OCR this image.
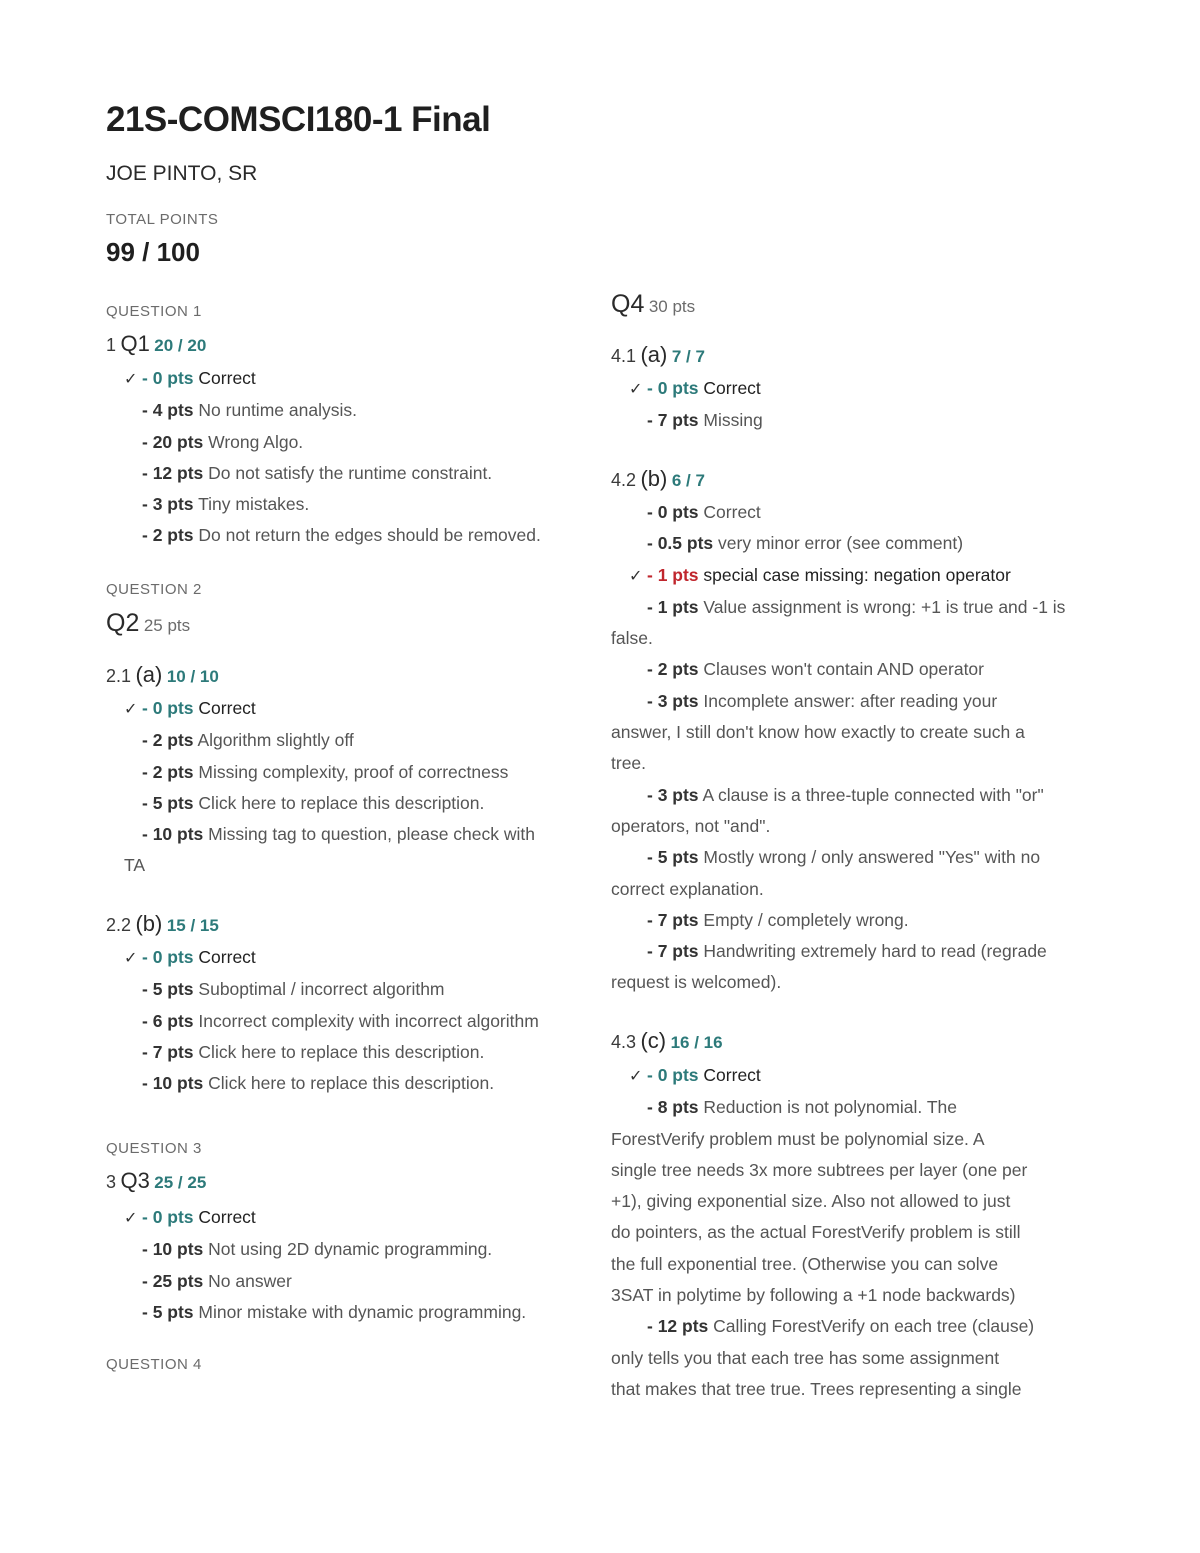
21S-COMSCI180-1 Final
JOE PINTO, SR
TOTAL POINTS
99 / 100
QUESTION 1
1 Q1 20 / 20
✓ - 0 pts Correct
- 4 pts No runtime analysis.
- 20 pts Wrong Algo.
- 12 pts Do not satisfy the runtime constraint.
- 3 pts Tiny mistakes.
- 2 pts Do not return the edges should be removed.
QUESTION 2
Q2 25 pts
2.1 (a) 10 / 10
✓ - 0 pts Correct
- 2 pts Algorithm slightly off
- 2 pts Missing complexity, proof of correctness
- 5 pts Click here to replace this description.
- 10 pts Missing tag to question, please check with
TA
2.2 (b) 15 / 15
✓ - 0 pts Correct
- 5 pts Suboptimal / incorrect algorithm
- 6 pts Incorrect complexity with incorrect algorithm
- 7 pts Click here to replace this description.
- 10 pts Click here to replace this description.
QUESTION 3
3 Q3 25 / 25
✓ - 0 pts Correct
- 10 pts Not using 2D dynamic programming.
- 25 pts No answer
- 5 pts Minor mistake with dynamic programming.
QUESTION 4
Q4 30 pts
4.1 (a) 7 / 7
✓ - 0 pts Correct
- 7 pts Missing
4.2 (b) 6 / 7
- 0 pts Correct
- 0.5 pts very minor error (see comment)
✓ - 1 pts special case missing: negation operator
- 1 pts Value assignment is wrong: +1 is true and -1 is
false.
- 2 pts Clauses won't contain AND operator
- 3 pts Incomplete answer: after reading your
answer, I still don't know how exactly to create such a
tree.
- 3 pts A clause is a three-tuple connected with "or"
operators, not "and".
- 5 pts Mostly wrong / only answered "Yes" with no
correct explanation.
- 7 pts Empty / completely wrong.
- 7 pts Handwriting extremely hard to read (regrade
request is welcomed).
4.3 (c) 16 / 16
✓ - 0 pts Correct
- 8 pts Reduction is not polynomial. The
ForestVerify problem must be polynomial size. A
single tree needs 3x more subtrees per layer (one per
+1), giving exponential size. Also not allowed to just
do pointers, as the actual ForestVerify problem is still
the full exponential tree. (Otherwise you can solve
3SAT in polytime by following a +1 node backwards)
- 12 pts Calling ForestVerify on each tree (clause)
only tells you that each tree has some assignment
that makes that tree true. Trees representing a single
